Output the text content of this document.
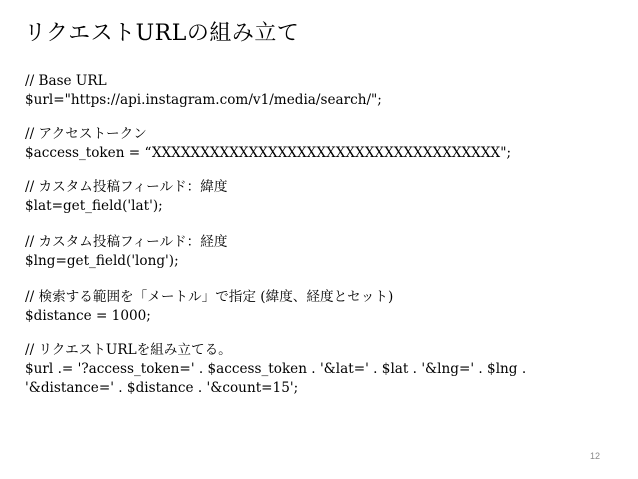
リクエストURLの組み立て
// Base URL
$url="https://api.instagram.com/v1/media/search/";
// アクセストークン
$access_token = “XXXXXXXXXXXXXXXXXXXXXXXXXXXXXXXXXXXX";
// カスタム投稿フィールド：緯度
$lat=get_field('lat');
// カスタム投稿フィールド：経度
$lng=get_field('long');
// 検索する範囲を「メートル」で指定 (緯度、経度とセット)
$distance = 1000;
// リクエストURLを組み立てる。
$url .= '?access_token=' . $access_token . '&lat=' . $lat . '&lng=' . $lng .
'&distance=' . $distance . '&count=15';
12
